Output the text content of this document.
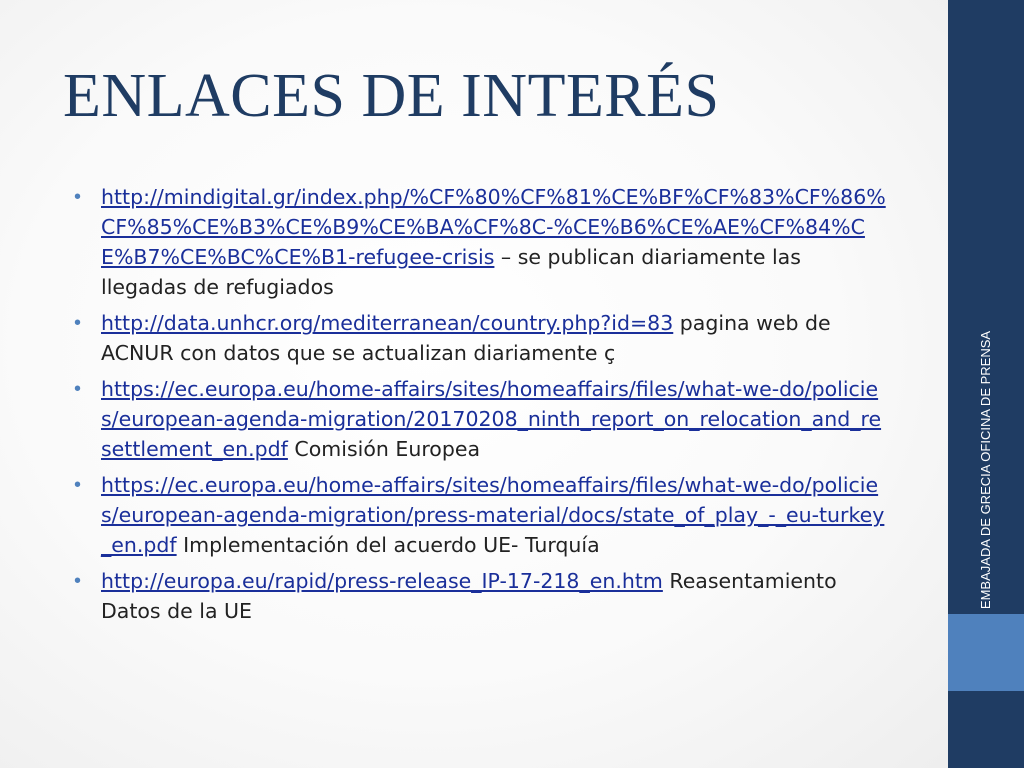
EMBAJADA DE GRECIA OFICINA DE PRENSA
ENLACES DE INTERÉS
• http://mindigital.gr/index.php/%CF%80%CF%81%CE%BF%CF%83%CF%86%CF%85%CE%B3%CE%B9%CE%BA%CF%8C-%CE%B6%CE%AE%CF%84%CE%B7%CE%BC%CE%B1-refugee-crisis – se publican diariamente las llegadas de refugiados
• http://data.unhcr.org/mediterranean/country.php?id=83 pagina web de ACNUR con datos que se actualizan diariamente ç
• https://ec.europa.eu/home-affairs/sites/homeaffairs/files/what-we-do/policies/european-agenda-migration/20170208_ninth_report_on_relocation_and_resettlement_en.pdf Comisión Europea
• https://ec.europa.eu/home-affairs/sites/homeaffairs/files/what-we-do/policies/european-agenda-migration/press-material/docs/state_of_play_-_eu-turkey_en.pdf Implementación del acuerdo UE- Turquía
• http://europa.eu/rapid/press-release_IP-17-218_en.htm Reasentamiento Datos de la UE
